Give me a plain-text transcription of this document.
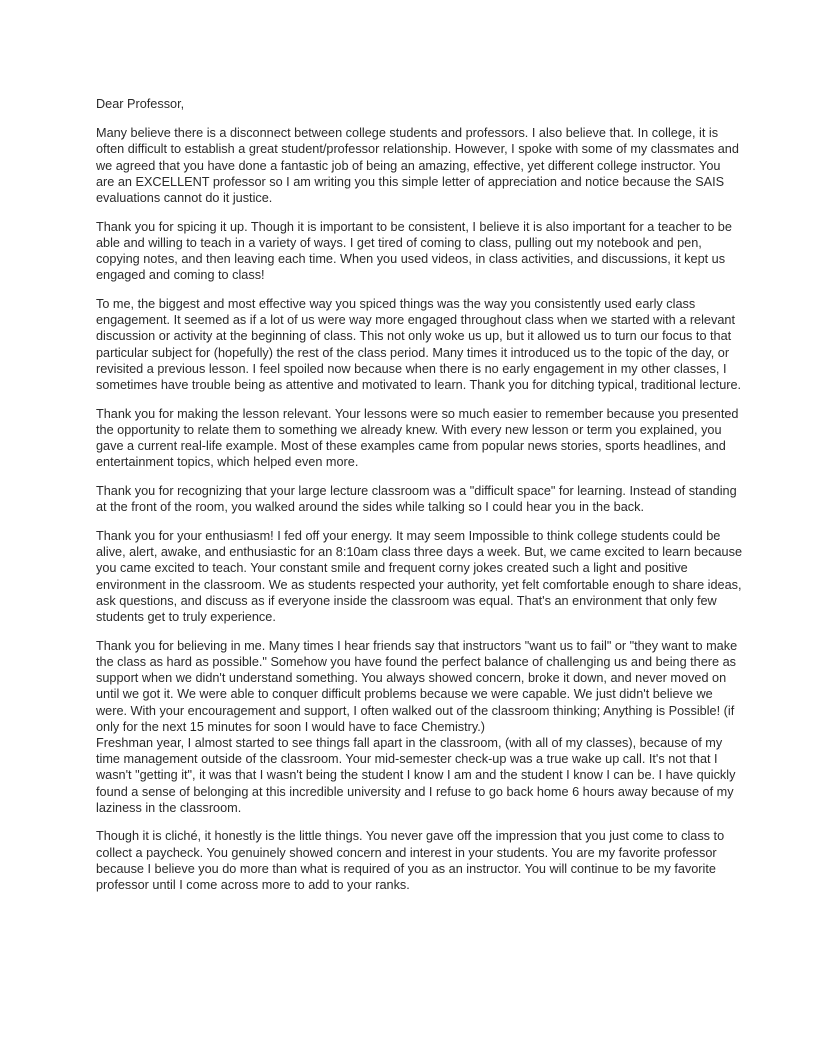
Dear Professor,

Many believe there is a disconnect between college students and professors. I also believe that. In college, it is often difficult to establish a great student/professor relationship. However, I spoke with some of my classmates and we agreed that you have done a fantastic job of being an amazing, effective, yet different college instructor. You are an EXCELLENT professor so I am writing you this simple letter of appreciation and notice because the SAIS evaluations cannot do it justice.

Thank you for spicing it up. Though it is important to be consistent, I believe it is also important for a teacher to be able and willing to teach in a variety of ways. I get tired of coming to class, pulling out my notebook and pen, copying notes, and then leaving each time. When you used videos, in class activities, and discussions, it kept us engaged and coming to class!

To me, the biggest and most effective way you spiced things was the way you consistently used early class engagement. It seemed as if a lot of us were way more engaged throughout class when we started with a relevant discussion or activity at the beginning of class. This not only woke us up, but it allowed us to turn our focus to that particular subject for (hopefully) the rest of the class period. Many times it introduced us to the topic of the day, or revisited a previous lesson. I feel spoiled now because when there is no early engagement in my other classes, I sometimes have trouble being as attentive and motivated to learn. Thank you for ditching typical, traditional lecture.

Thank you for making the lesson relevant. Your lessons were so much easier to remember because you presented the opportunity to relate them to something we already knew. With every new lesson or term you explained, you gave a current real-life example. Most of these examples came from popular news stories, sports headlines, and entertainment topics, which helped even more.

Thank you for recognizing that your large lecture classroom was a "difficult space" for learning. Instead of standing at the front of the room, you walked around the sides while talking so I could hear you in the back.

Thank you for your enthusiasm! I fed off your energy. It may seem Impossible to think college students could be alive, alert, awake, and enthusiastic for an 8:10am class three days a week. But, we came excited to learn because you came excited to teach. Your constant smile and frequent corny jokes created such a light and positive environment in the classroom. We as students respected your authority, yet felt comfortable enough to share ideas, ask questions, and discuss as if everyone inside the classroom was equal. That's an environment that only few students get to truly experience.

Thank you for believing in me. Many times I hear friends say that instructors "want us to fail" or "they want to make the class as hard as possible." Somehow you have found the perfect balance of challenging us and being there as support when we didn't understand something. You always showed concern, broke it down, and never moved on until we got it. We were able to conquer difficult problems because we were capable. We just didn't believe we were. With your encouragement and support, I often walked out of the classroom thinking; Anything is Possible! (if only for the next 15 minutes for soon I would have to face Chemistry.)

Freshman year, I almost started to see things fall apart in the classroom, (with all of my classes), because of my time management outside of the classroom. Your mid-semester check-up was a true wake up call. It's not that I wasn't "getting it", it was that I wasn't being the student I know I am and the student I know I can be. I have quickly found a sense of belonging at this incredible university and I refuse to go back home 6 hours away because of my laziness in the classroom.

Though it is cliché, it honestly is the little things. You never gave off the impression that you just come to class to collect a paycheck. You genuinely showed concern and interest in your students. You are my favorite professor because I believe you do more than what is required of you as an instructor. You will continue to be my favorite professor until I come across more to add to your ranks.
